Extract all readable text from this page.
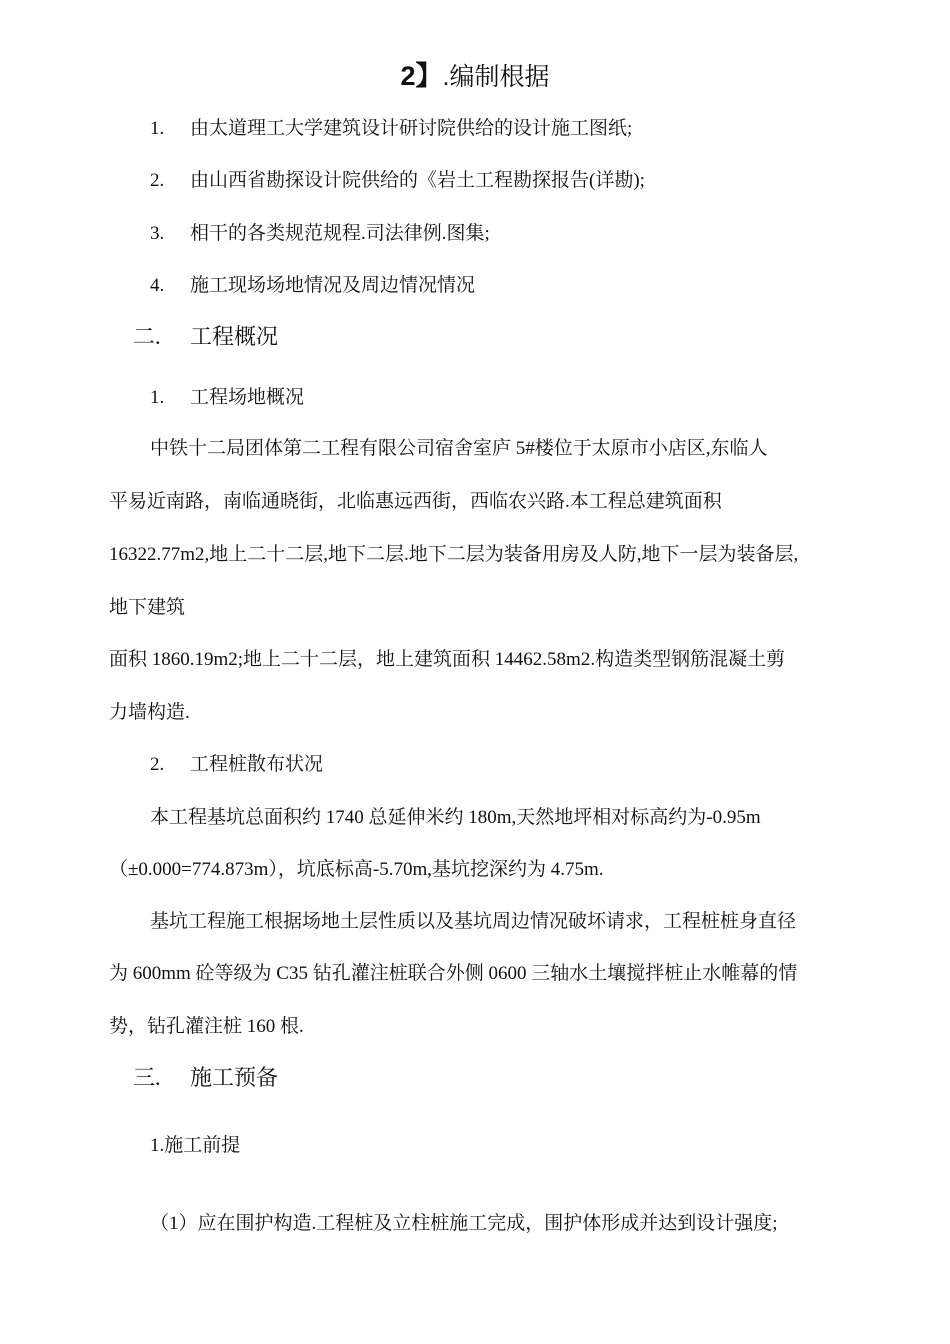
2】.编制根据
1. 由太道理工大学建筑设计研讨院供给的设计施工图纸;
2. 由山西省勘探设计院供给的《岩土工程勘探报告(详勘);
3. 相干的各类规范规程.司法律例.图集;
4. 施工现场场地情况及周边情况情况
二. 工程概况
1. 工程场地概况
中铁十二局团体第二工程有限公司宿舍室庐 5#楼位于太原市小店区,东临人
平易近南路，南临通晓街，北临惠远西街，西临农兴路.本工程总建筑面积
16322.77m2,地上二十二层,地下二层.地下二层为装备用房及人防,地下一层为装备层,
地下建筑
面积 1860.19m2;地上二十二层，地上建筑面积 14462.58m2.构造类型钢筋混凝土剪
力墙构造.
2. 工程桩散布状况
本工程基坑总面积约 1740 总延伸米约 180m,天然地坪相对标高约为-0.95m
（±0.000=774.873m），坑底标高-5.70m,基坑挖深约为 4.75m.
基坑工程施工根据场地土层性质以及基坑周边情况破坏请求，工程桩桩身直径
为 600mm 砼等级为 C35 钻孔灌注桩联合外侧 0600 三轴水土壤搅拌桩止水帷幕的情
势，钻孔灌注桩 160 根.
三. 施工预备
1.施工前提
（1）应在围护构造.工程桩及立柱桩施工完成，围护体形成并达到设计强度;
